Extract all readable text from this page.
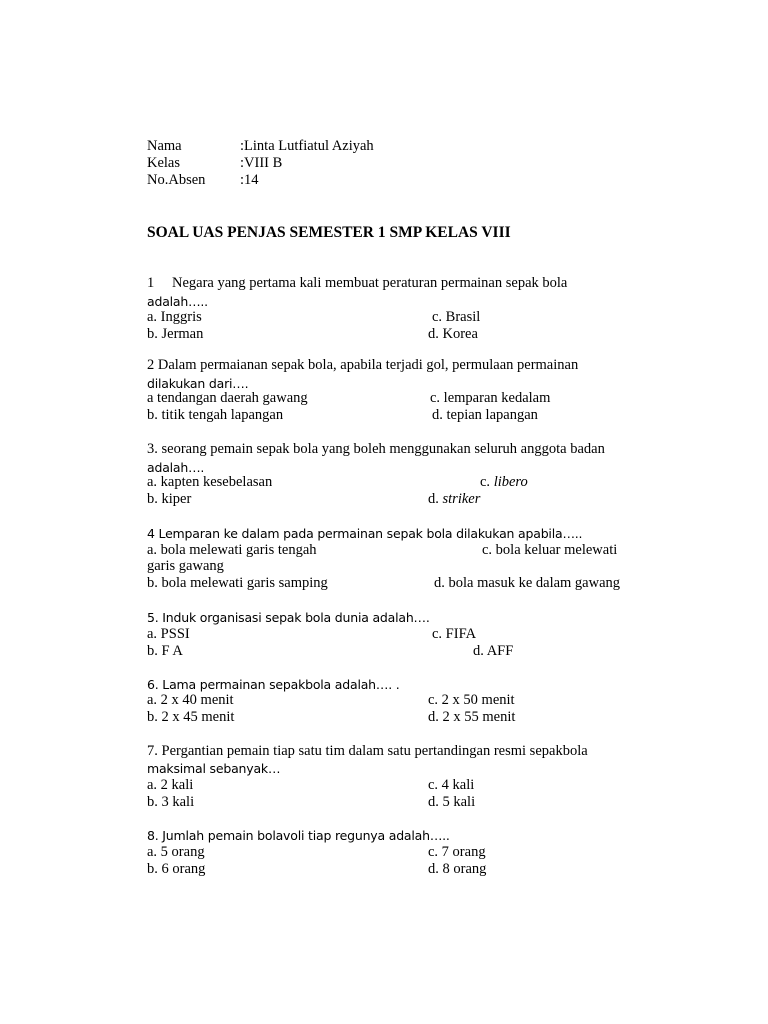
Nama	:Linta Lutfiatul Aziyah
Kelas	:VIII B
No.Absen :14
SOAL UAS PENJAS SEMESTER 1 SMP KELAS VIII
1 Negara yang pertama kali membuat peraturan permainan sepak bola
adalah…..
a. Inggris	c. Brasil
b. Jerman	d. Korea
2 Dalam permaianan sepak bola, apabila terjadi gol, permulaan permainan
dilakukan dari….
a tendangan daerah gawang	c. lemparan kedalam
b. titik tengah lapangan	d. tepian lapangan
3. seorang pemain sepak bola yang boleh menggunakan seluruh anggota badan
adalah….
a. kapten kesebelasan	c. libero
b. kiper	d. striker
4 Lemparan ke dalam pada permainan sepak bola dilakukan apabila…..
a. bola melewati garis tengah	c. bola keluar melewati
garis gawang
b. bola melewati garis samping	d. bola masuk ke dalam gawang
5. Induk organisasi sepak bola dunia adalah….
a. PSSI	c. FIFA
b. F A	d. AFF
6. Lama permainan sepakbola adalah…. .
a. 2 x 40 menit	c. 2 x 50 menit
b. 2 x 45 menit	d. 2 x 55 menit
7. Pergantian pemain tiap satu tim dalam satu pertandingan resmi sepakbola
maksimal sebanyak…
a. 2 kali	c. 4 kali
b. 3 kali	d. 5 kali
8. Jumlah pemain bolavoli tiap regunya adalah…..
a. 5 orang	c. 7 orang
b. 6 orang	d. 8 orang
